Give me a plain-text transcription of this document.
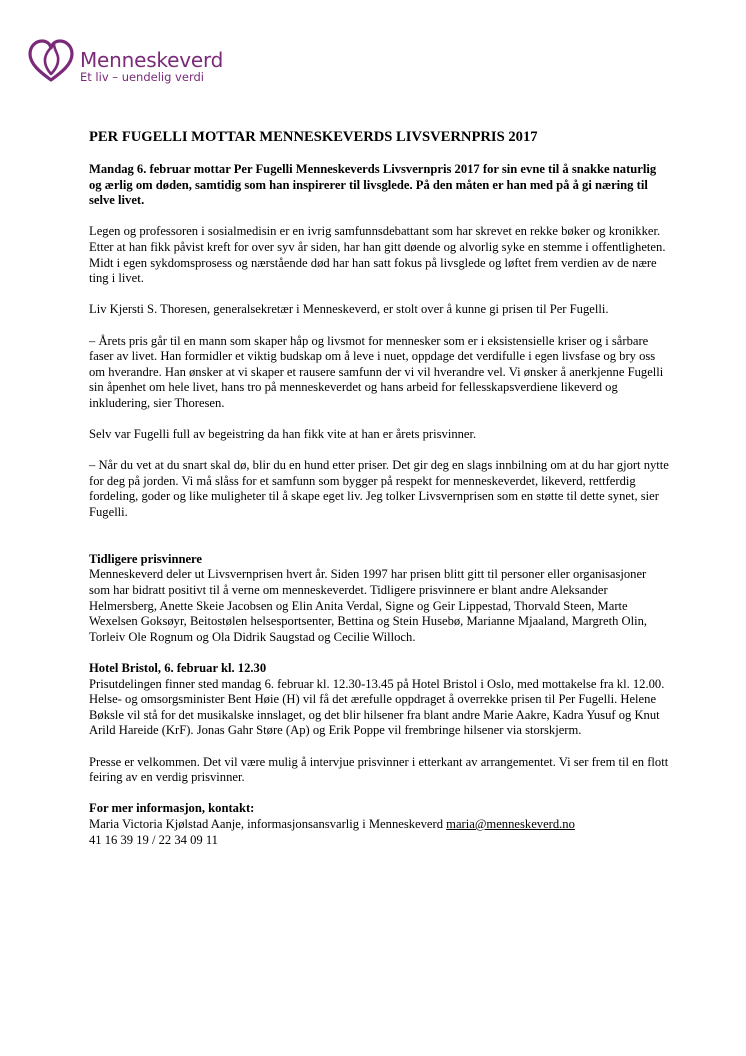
Menneskeverd
Et liv – uendelig verdi
PER FUGELLI MOTTAR MENNESKEVERDS LIVSVERNPRIS 2017

Mandag 6. februar mottar Per Fugelli Menneskeverds Livsvernpris 2017 for sin evne til å snakke naturlig og ærlig om døden, samtidig som han inspirerer til livsglede. På den måten er han med på å gi næring til selve livet.

Legen og professoren i sosialmedisin er en ivrig samfunnsdebattant som har skrevet en rekke bøker og kronikker. Etter at han fikk påvist kreft for over syv år siden, har han gitt døende og alvorlig syke en stemme i offentligheten. Midt i egen sykdomsprosess og nærstående død har han satt fokus på livsglede og løftet frem verdien av de nære ting i livet.

Liv Kjersti S. Thoresen, generalsekretær i Menneskeverd, er stolt over å kunne gi prisen til Per Fugelli.

– Årets pris går til en mann som skaper håp og livsmot for mennesker som er i eksistensielle kriser og i sårbare faser av livet. Han formidler et viktig budskap om å leve i nuet, oppdage det verdifulle i egen livsfase og bry oss om hverandre. Han ønsker at vi skaper et rausere samfunn der vi vil hverandre vel. Vi ønsker å anerkjenne Fugelli sin åpenhet om hele livet, hans tro på menneskeverdet og hans arbeid for fellesskapsverdiene likeverd og inkludering, sier Thoresen.

Selv var Fugelli full av begeistring da han fikk vite at han er årets prisvinner.

– Når du vet at du snart skal dø, blir du en hund etter priser. Det gir deg en slags innbilning om at du har gjort nytte for deg på jorden. Vi må slåss for et samfunn som bygger på respekt for menneskeverdet, likeverd, rettferdig fordeling, goder og like muligheter til å skape eget liv. Jeg tolker Livsvernprisen som en støtte til dette synet, sier Fugelli.

Tidligere prisvinnere

Menneskeverd deler ut Livsvernprisen hvert år. Siden 1997 har prisen blitt gitt til personer eller organisasjoner som har bidratt positivt til å verne om menneskeverdet. Tidligere prisvinnere er blant andre Aleksander Helmersberg, Anette Skeie Jacobsen og Elin Anita Verdal, Signe og Geir Lippestad, Thorvald Steen, Marte Wexelsen Goksøyr, Beitostølen helsesportsenter, Bettina og Stein Husebø, Marianne Mjaaland, Margreth Olin, Torleiv Ole Rognum og Ola Didrik Saugstad og Cecilie Willoch.

Hotel Bristol, 6. februar kl. 12.30

Prisutdelingen finner sted mandag 6. februar kl. 12.30-13.45 på Hotel Bristol i Oslo, med mottakelse fra kl. 12.00. Helse- og omsorgsminister Bent Høie (H) vil få det ærefulle oppdraget å overrekke prisen til Per Fugelli. Helene Bøksle vil stå for det musikalske innslaget, og det blir hilsener fra blant andre Marie Aakre, Kadra Yusuf og Knut Arild Hareide (KrF). Jonas Gahr Støre (Ap) og Erik Poppe vil frembringe hilsener via storskjerm.

Presse er velkommen. Det vil være mulig å intervjue prisvinner i etterkant av arrangementet. Vi ser frem til en flott feiring av en verdig prisvinner.

For mer informasjon, kontakt:
Maria Victoria Kjølstad Aanje, informasjonsansvarlig i Menneskeverd maria@menneskeverd.no
41 16 39 19 / 22 34 09 11
